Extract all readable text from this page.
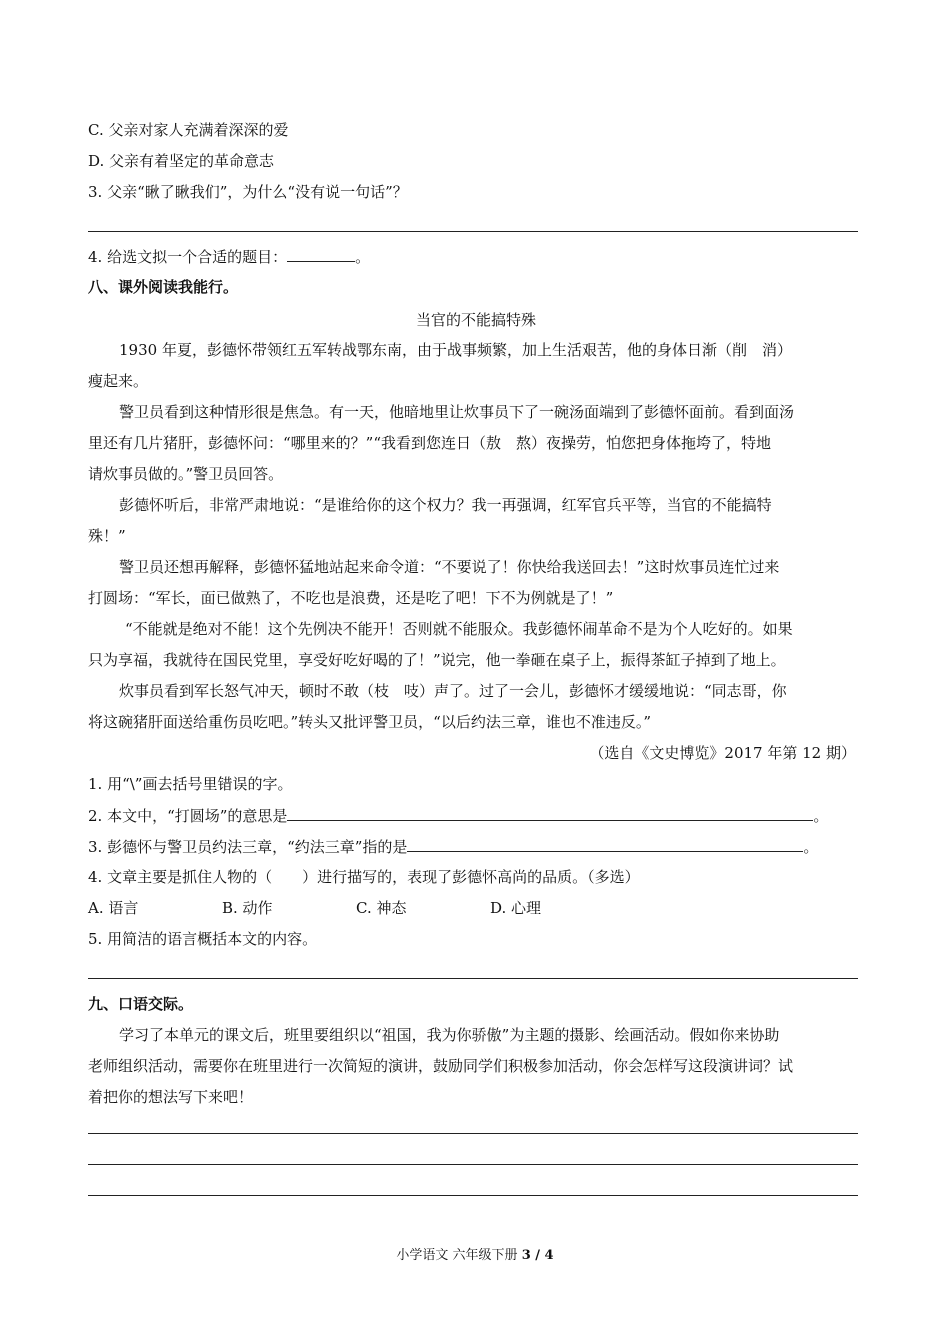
C. 父亲对家人充满着深深的爱
D. 父亲有着坚定的革命意志
3. 父亲“瞅了瞅我们”，为什么“没有说一句话”？
4. 给选文拟一个合适的题目：	。
八、课外阅读我能行。
当官的不能搞特殊
1930 年夏，彭德怀带领红五军转战鄂东南，由于战事频繁，加上生活艰苦，他的身体日渐（削　消）
瘦起来。
警卫员看到这种情形很是焦急。有一天，他暗地里让炊事员下了一碗汤面端到了彭德怀面前。看到面汤
里还有几片猪肝，彭德怀问：“哪里来的？”“我看到您连日（敖　熬）夜操劳，怕您把身体拖垮了，特地
请炊事员做的。”警卫员回答。
彭德怀听后，非常严肃地说：“是谁给你的这个权力？我一再强调，红军官兵平等，当官的不能搞特
殊！”
警卫员还想再解释，彭德怀猛地站起来命令道：“不要说了！你快给我送回去！”这时炊事员连忙过来
打圆场：“军长，面已做熟了，不吃也是浪费，还是吃了吧！下不为例就是了！”
“不能就是绝对不能！这个先例决不能开！否则就不能服众。我彭德怀闹革命不是为个人吃好的。如果
只为享福，我就待在国民党里，享受好吃好喝的了！”说完，他一拳砸在桌子上，振得茶缸子掉到了地上。
炊事员看到军长怒气冲天，顿时不敢（枝　吱）声了。过了一会儿，彭德怀才缓缓地说：“同志哥，你
将这碗猪肝面送给重伤员吃吧。”转头又批评警卫员，“以后约法三章，谁也不准违反。”
（选自《文史博览》2017 年第 12 期）
1. 用“\”画去括号里错误的字。
2. 本文中，“打圆场”的意思是	。
3. 彭德怀与警卫员约法三章，“约法三章”指的是	。
4. 文章主要是抓住人物的（　　）进行描写的，表现了彭德怀高尚的品质。（多选）
A. 语言	B. 动作	C. 神态	D. 心理
5. 用简洁的语言概括本文的内容。
九、口语交际。
学习了本单元的课文后，班里要组织以“祖国，我为你骄傲”为主题的摄影、绘画活动。假如你来协助
老师组织活动，需要你在班里进行一次简短的演讲，鼓励同学们积极参加活动，你会怎样写这段演讲词？试
着把你的想法写下来吧！
小学语文 六年级下册 3 / 4
